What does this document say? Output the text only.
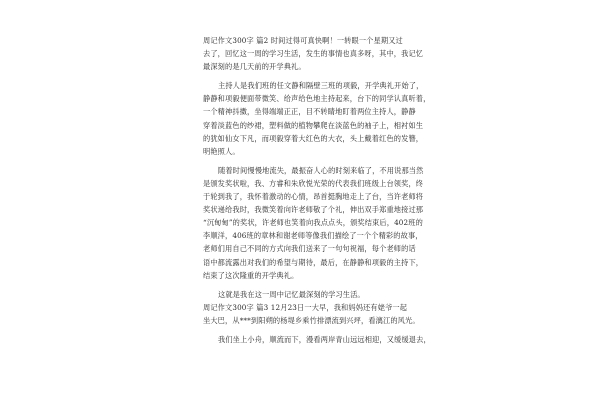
周记作文300字 篇2 时间过得可真快啊！一转眼一个星期又过
去了，回忆这一周的学习生活，发生的事情也真多呀，其中，我记忆
最深刻的是几天前的开学典礼。
主持人是我们班的任文静和隔壁三班的项毅，开学典礼开始了，
静静和项毅便面带微笑、给声给色地主持起来，台下的同学认真听着，
一个精神抖擞，坐得端端正正，目不转睛地盯着两位主持人，静静
穿着淡蓝色的纱裙，塑料做的植物攀爬在淡蓝色的袖子上，相衬如生
的犹如仙女下凡，而项毅穿着大红色的大衣，头上戴着红色的发簪，
明艳照人。
随着时间慢慢地流失，最振奋人心的时刻来临了，不用说那当然
是颁发奖状啦，我、方睿和朱欣悦光荣的代表我们班级上台领奖，终
于轮到我了，我怀着激动的心情，昂首挺胸地走上了台，当许老师将
奖状递给我时，我微笑着向许老师敬了个礼，伸出双手郑重地接过那
“沉甸甸”的奖状，许老师也笑着向我点点头，颁奖结束后，402班的
李顺洋，406班的章林和谢老师等像我们描绘了一个个精彩的故事，
老师们用自己不同的方式向我们送来了一句句祝福，每个老师的话
语中都流露出对我们的希望与期待，最后，在静静和项毅的主持下，
结束了这次隆重的开学典礼。
这就是我在这一周中记忆最深刻的学习生活。
周记作文300字 篇3 12月23日一大早，我和妈妈还有姥爷一起
坐大巴，从***到阳朔的杨堤乡乘竹排漂流到兴坪，看漓江的风光。
我们坐上小舟，顺流而下，漫看两岸青山远远相迎，又缓缓退去，
